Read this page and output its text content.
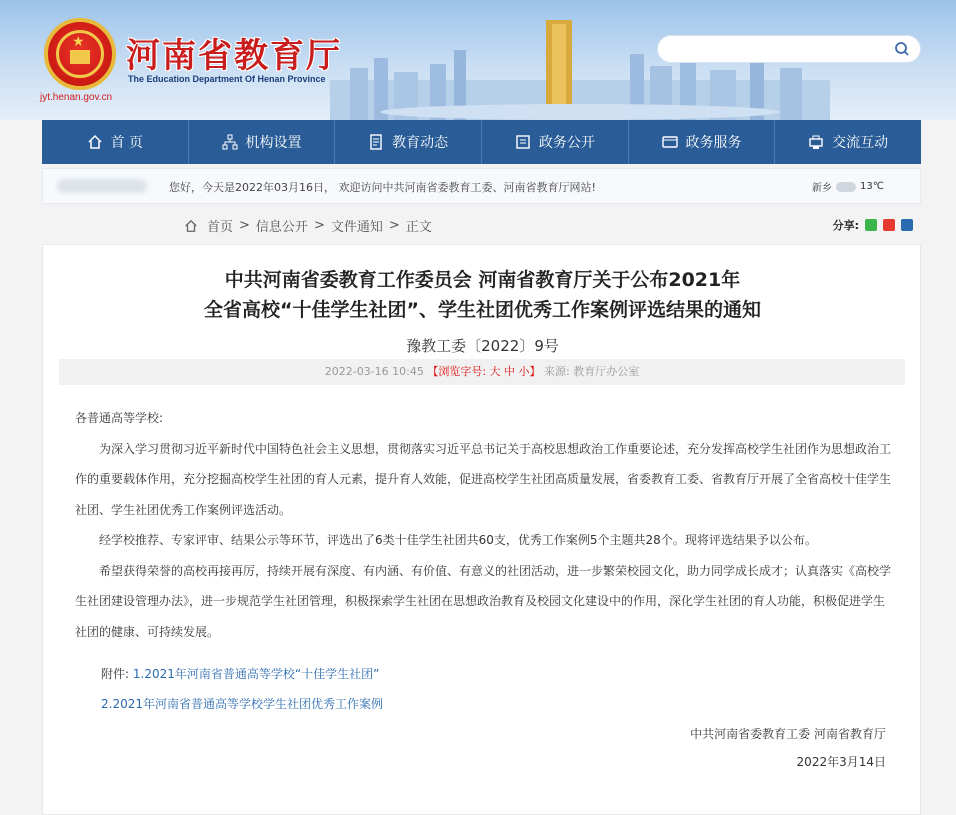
★
jyt.henan.gov.cn
河南省教育厅
The Education Department Of Henan Province
首 页	机构设置	教育动态	政务公开	政务服务	交流互动
您好，今天是2022年03月16日， 欢迎访问中共河南省委教育工委、河南省教育厅网站!	新乡	13℃
首页 > 信息公开 > 文件通知 > 正文	分享:
中共河南省委教育工作委员会 河南省教育厅关于公布2021年
全省高校“十佳学生社团”、学生社团优秀工作案例评选结果的通知
豫教工委〔2022〕9号
2022-03-16 10:45 【浏览字号: 大 中 小】 来源: 教育厅办公室

各普通高等学校:

为深入学习贯彻习近平新时代中国特色社会主义思想，贯彻落实习近平总书记关于高校思想政治工作重要论述，充分发挥高校学生社团作为思想政治工作的重要载体作用，充分挖掘高校学生社团的育人元素，提升育人效能，促进高校学生社团高质量发展，省委教育工委、省教育厅开展了全省高校十佳学生社团、学生社团优秀工作案例评选活动。

经学校推荐、专家评审、结果公示等环节，评选出了6类十佳学生社团共60支，优秀工作案例5个主题共28个。现将评选结果予以公布。

希望获得荣誉的高校再接再厉，持续开展有深度、有内涵、有价值、有意义的社团活动，进一步繁荣校园文化，助力同学成长成才；认真落实《高校学生社团建设管理办法》，进一步规范学生社团管理，积极探索学生社团在思想政治教育及校园文化建设中的作用，深化学生社团的育人功能，积极促进学生社团的健康、可持续发展。

附件: 1.2021年河南省普通高等学校“十佳学生社团”
2.2021年河南省普通高等学校学生社团优秀工作案例
中共河南省委教育工委 河南省教育厅
2022年3月14日
